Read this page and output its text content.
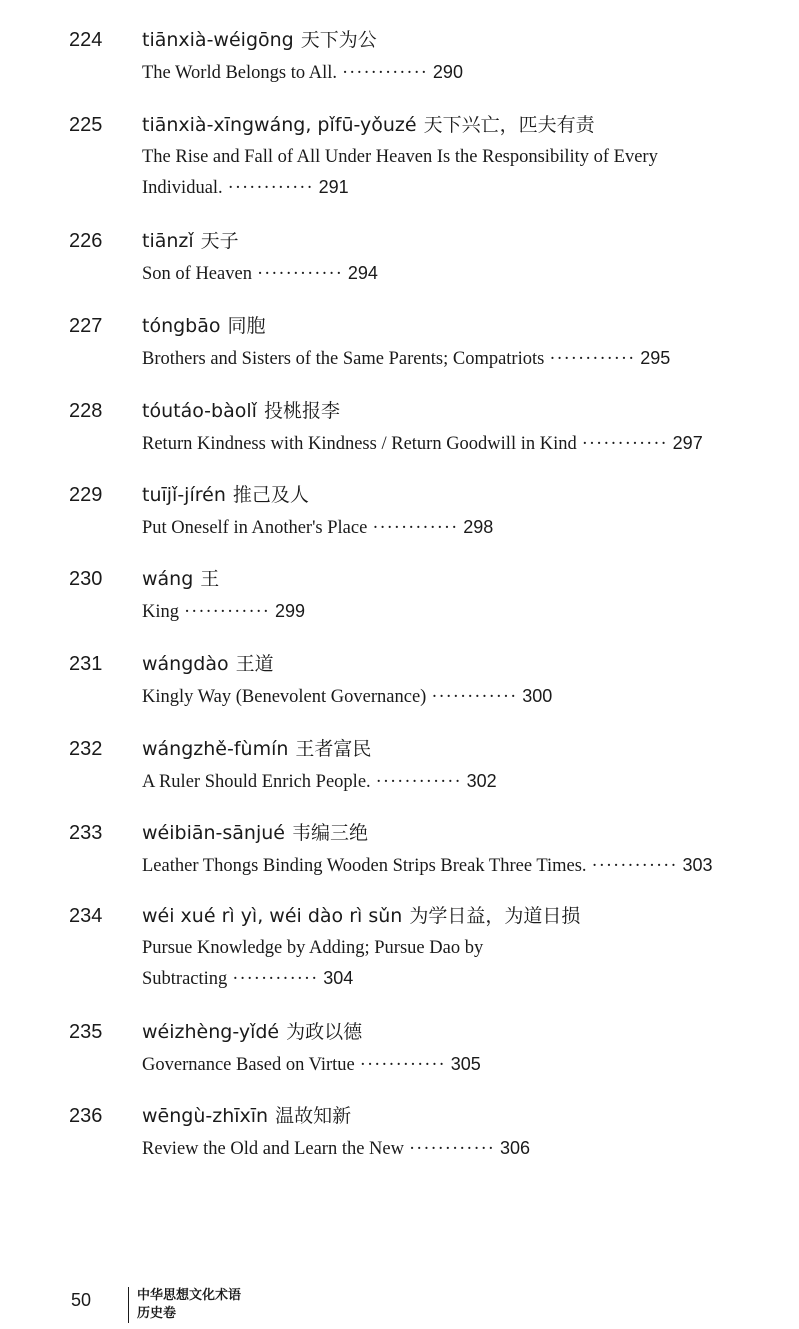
224 tiānxià-wéigōng 天下为公
The World Belongs to All. ············ 290
225 tiānxià-xīngwáng, pǐfū-yǒuzé 天下兴亡，匹夫有责
The Rise and Fall of All Under Heaven Is the Responsibility of Every Individual. ············ 291
226 tiānzǐ 天子
Son of Heaven ············ 294
227 tóngbāo 同胞
Brothers and Sisters of the Same Parents; Compatriots ············ 295
228 tóutáo-bàolǐ 投桃报李
Return Kindness with Kindness / Return Goodwill in Kind ············ 297
229 tuījǐ-jírén 推己及人
Put Oneself in Another's Place ············ 298
230 wáng 王
King ············ 299
231 wángdào 王道
Kingly Way (Benevolent Governance) ············ 300
232 wángzhě-fùmín 王者富民
A Ruler Should Enrich People. ············ 302
233 wéibiān-sānjué 韦编三绝
Leather Thongs Binding Wooden Strips Break Three Times. ············ 303
234 wéi xué rì yì, wéi dào rì sǔn 为学日益，为道日损
Pursue Knowledge by Adding; Pursue Dao by Subtracting ············ 304
235 wéizhèng-yǐdé 为政以德
Governance Based on Virtue ············ 305
236 wēngù-zhīxīn 温故知新
Review the Old and Learn the New ············ 306
50	中华思想文化术语
历史卷
